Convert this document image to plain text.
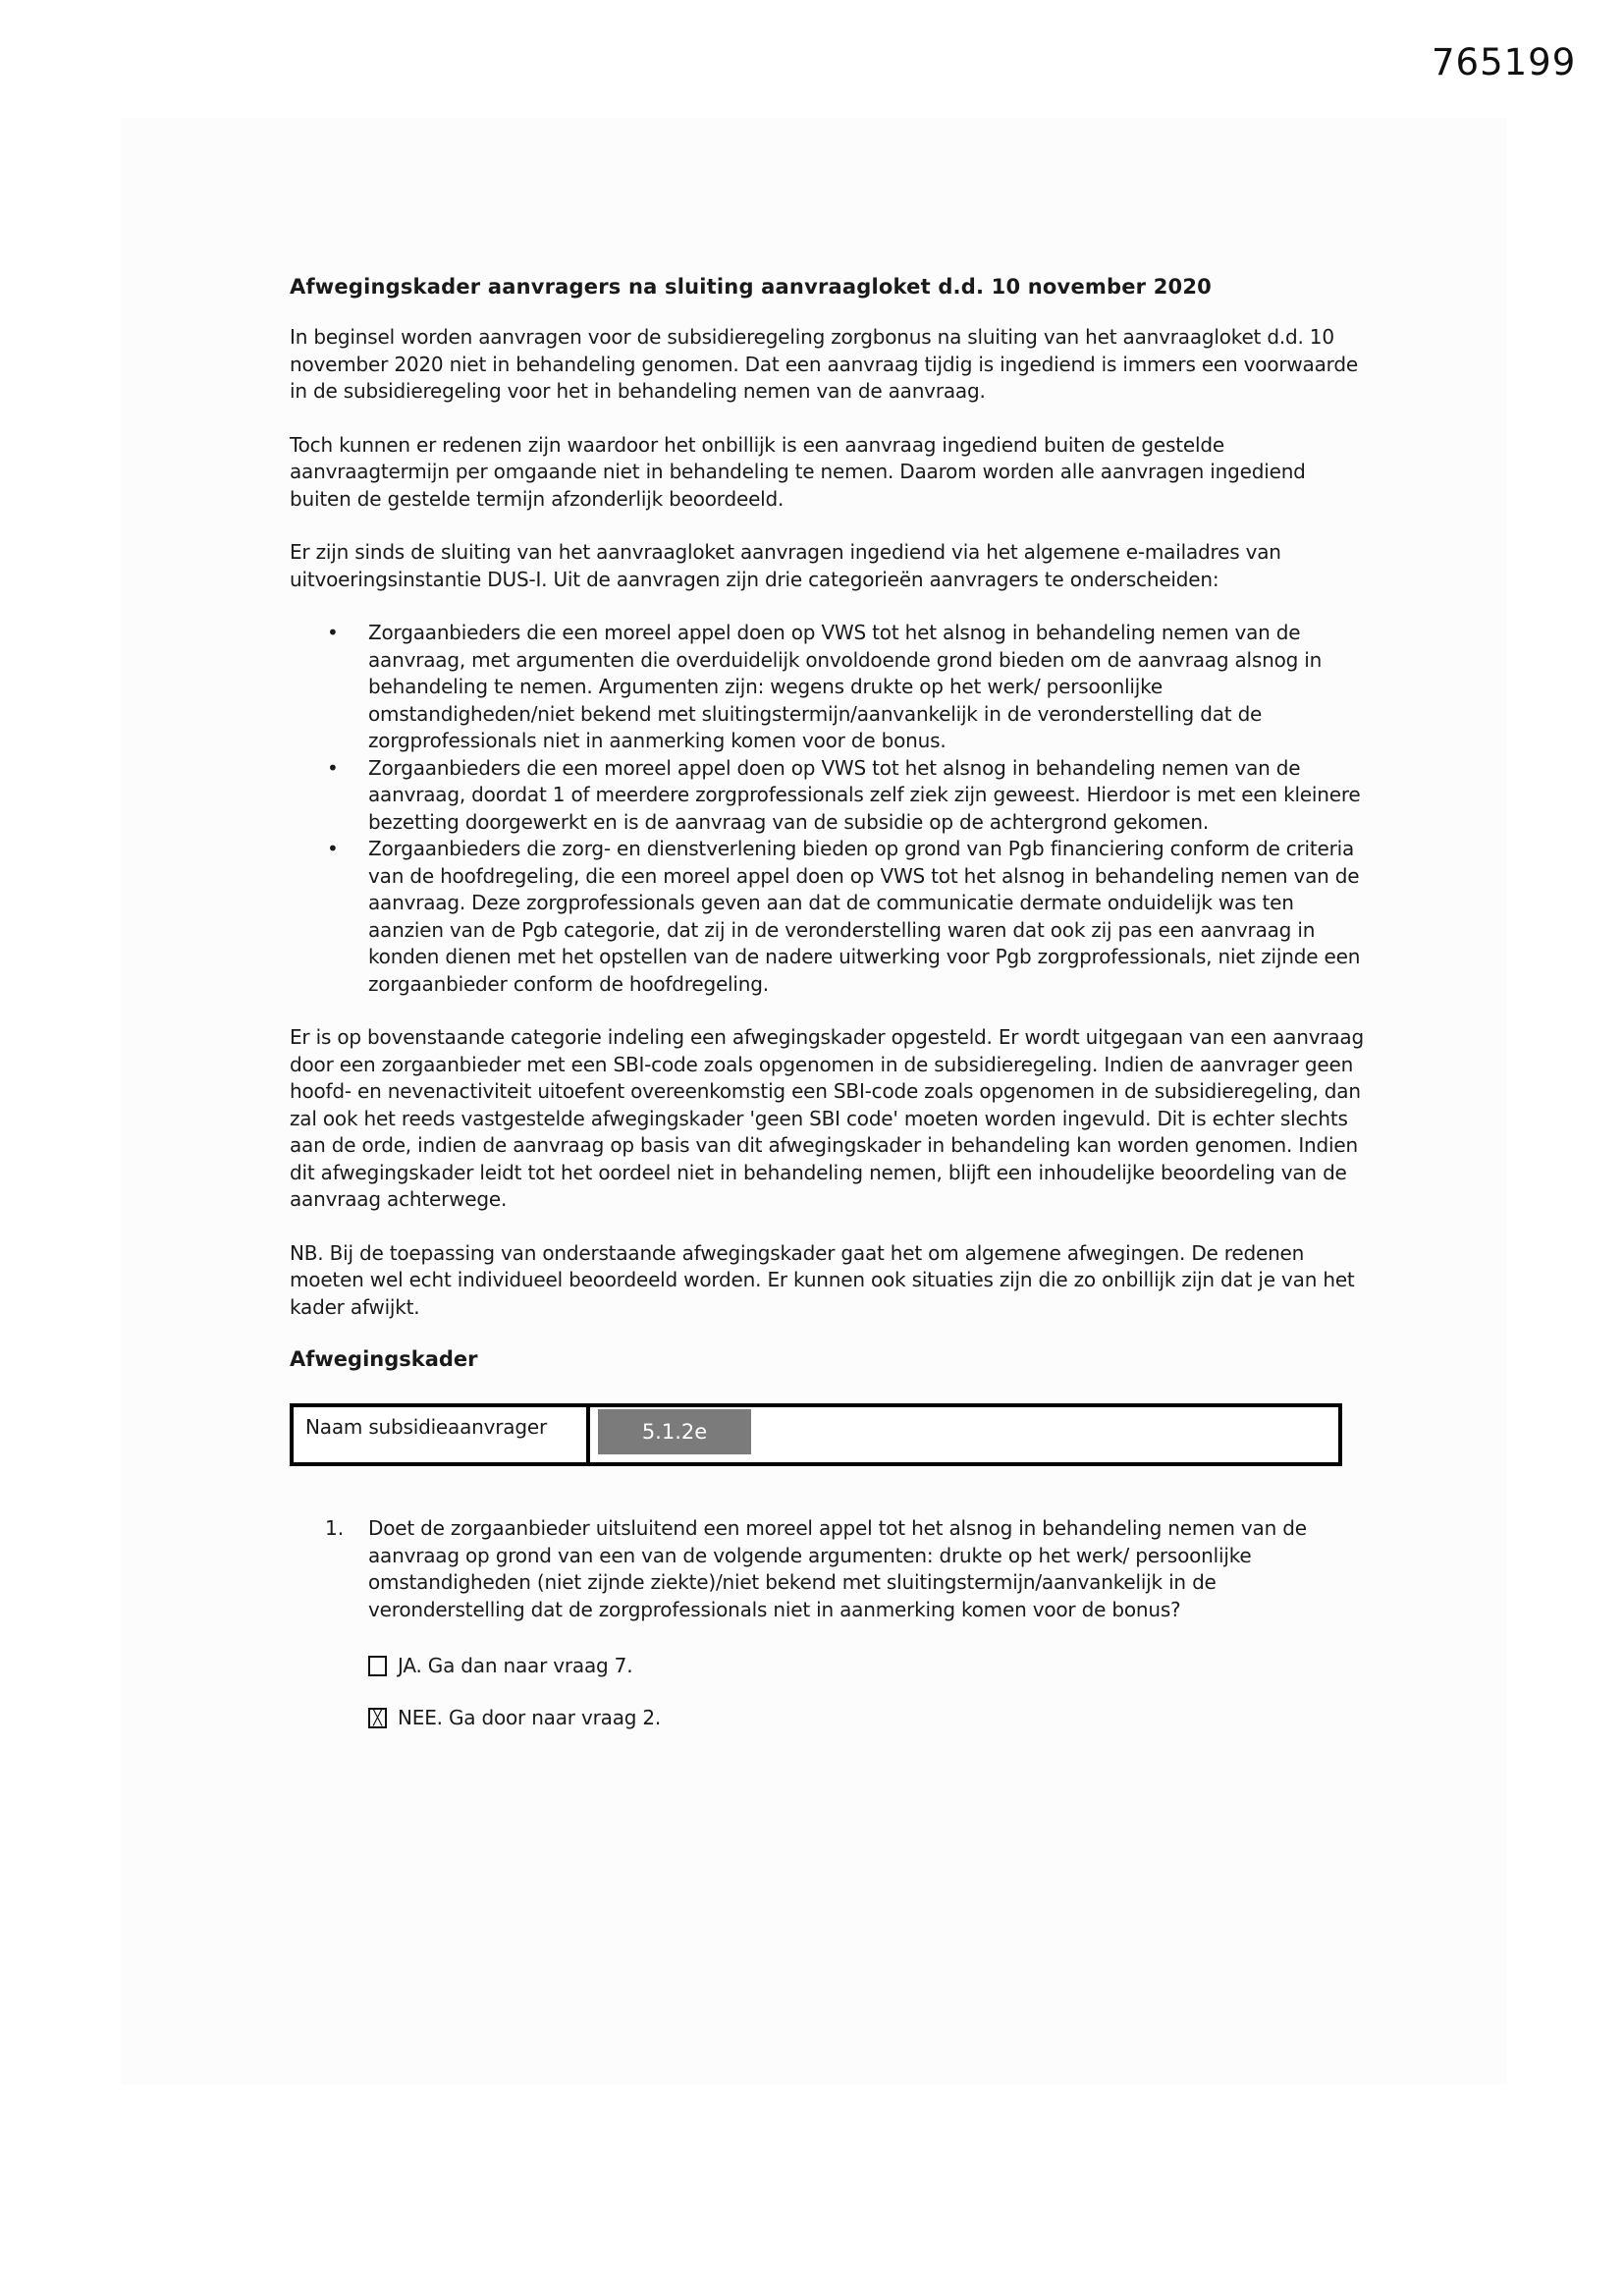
765199
Afwegingskader aanvragers na sluiting aanvraagloket d.d. 10 november 2020

In beginsel worden aanvragen voor de subsidieregeling zorgbonus na sluiting van het aanvraagloket d.d. 10 november 2020 niet in behandeling genomen. Dat een aanvraag tijdig is ingediend is immers een voorwaarde in de subsidieregeling voor het in behandeling nemen van de aanvraag.

Toch kunnen er redenen zijn waardoor het onbillijk is een aanvraag ingediend buiten de gestelde aanvraagtermijn per omgaande niet in behandeling te nemen. Daarom worden alle aanvragen ingediend buiten de gestelde termijn afzonderlijk beoordeeld.

Er zijn sinds de sluiting van het aanvraagloket aanvragen ingediend via het algemene e-mailadres van uitvoeringsinstantie DUS-I. Uit de aanvragen zijn drie categorieën aanvragers te onderscheiden:

Zorgaanbieders die een moreel appel doen op VWS tot het alsnog in behandeling nemen van de aanvraag, met argumenten die overduidelijk onvoldoende grond bieden om de aanvraag alsnog in behandeling te nemen. Argumenten zijn: wegens drukte op het werk/ persoonlijke omstandigheden/niet bekend met sluitingstermijn/aanvankelijk in de veronderstelling dat de zorgprofessionals niet in aanmerking komen voor de bonus.
Zorgaanbieders die een moreel appel doen op VWS tot het alsnog in behandeling nemen van de aanvraag, doordat 1 of meerdere zorgprofessionals zelf ziek zijn geweest. Hierdoor is met een kleinere bezetting doorgewerkt en is de aanvraag van de subsidie op de achtergrond gekomen.
Zorgaanbieders die zorg- en dienstverlening bieden op grond van Pgb financiering conform de criteria van de hoofdregeling, die een moreel appel doen op VWS tot het alsnog in behandeling nemen van de aanvraag. Deze zorgprofessionals geven aan dat de communicatie dermate onduidelijk was ten aanzien van de Pgb categorie, dat zij in de veronderstelling waren dat ook zij pas een aanvraag in konden dienen met het opstellen van de nadere uitwerking voor Pgb zorgprofessionals, niet zijnde een zorgaanbieder conform de hoofdregeling.

Er is op bovenstaande categorie indeling een afwegingskader opgesteld. Er wordt uitgegaan van een aanvraag door een zorgaanbieder met een SBI-code zoals opgenomen in de subsidieregeling. Indien de aanvrager geen hoofd- en nevenactiviteit uitoefent overeenkomstig een SBI-code zoals opgenomen in de subsidieregeling, dan zal ook het reeds vastgestelde afwegingskader 'geen SBI code' moeten worden ingevuld. Dit is echter slechts aan de orde, indien de aanvraag op basis van dit afwegingskader in behandeling kan worden genomen. Indien dit afwegingskader leidt tot het oordeel niet in behandeling nemen, blijft een inhoudelijke beoordeling van de aanvraag achterwege.

NB. Bij de toepassing van onderstaande afwegingskader gaat het om algemene afwegingen. De redenen moeten wel echt individueel beoordeeld worden. Er kunnen ook situaties zijn die zo onbillijk zijn dat je van het kader afwijkt.

Afwegingskader
Naam subsidieaanvrager	5.1.2e
1.	Doet de zorgaanbieder uitsluitend een moreel appel tot het alsnog in behandeling nemen van de aanvraag op grond van een van de volgende argumenten: drukte op het werk/ persoonlijke omstandigheden (niet zijnde ziekte)/niet bekend met sluitingstermijn/aanvankelijk in de veronderstelling dat de zorgprofessionals niet in aanmerking komen voor de bonus?

JA. Ga dan naar vraag 7.
╳
NEE. Ga door naar vraag 2.
